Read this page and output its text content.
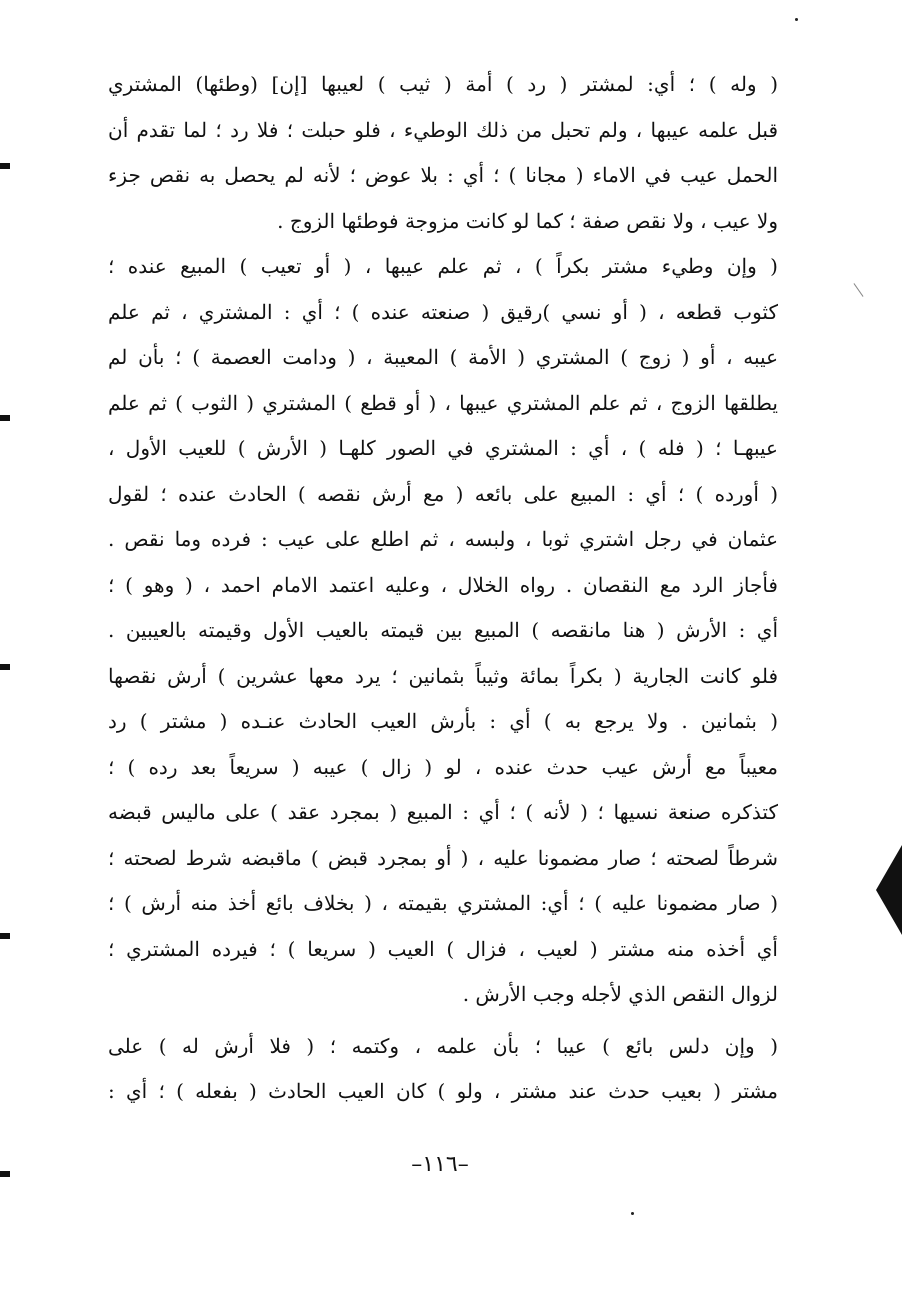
( وله ) ؛ أي: لمشتر ( رد ) أمة ( ثيب ) لعيبها [إن] (وطئها) المشتري
قبل علمه عيبها ، ولم تحبل من ذلك الوطيء ، فلو حبلت ؛ فلا رد ؛ لما تقدم أن
الحمل عيب في الاماء ( مجانا ) ؛ أي : بلا عوض ؛ لأنه لم يحصل به نقص جزء
ولا عيب ، ولا نقص صفة ؛ كما لو كانت مزوجة فوطئها الزوج .
( وإن وطيء مشتر بكراً ) ، ثم علم عيبها ، ( أو تعيب ) المبيع عنده ؛
كثوب قطعه ، ( أو نسي )رقيق ( صنعته عنده ) ؛ أي : المشتري ، ثم علم
عيبه ، أو ( زوج ) المشتري ( الأمة ) المعيبة ، ( ودامت العصمة ) ؛ بأن لم
يطلقها الزوج ، ثم علم المشتري عيبها ، ( أو قطع ) المشتري ( الثوب ) ثم علم
عيبهـا ؛ ( فله ) ، أي : المشتري في الصور كلهـا ( الأرش ) للعيب الأول ،
( أورده ) ؛ أي : المبيع على بائعه ( مع أرش نقصه ) الحادث عنده ؛ لقول
عثمان في رجل اشتري ثوبا ، ولبسه ، ثم اطلع على عيب : فرده وما نقص .
فأجاز الرد مع النقصان . رواه الخلال ، وعليه اعتمد الامام احمد ، ( وهو ) ؛
أي : الأرش ( هنا مانقصه ) المبيع بين قيمته بالعيب الأول وقيمته بالعيبين .
فلو كانت الجارية ( بكراً بمائة وثيباً بثمانين ؛ يرد معها عشرين ) أرش نقصها
( بثمانين . ولا يرجع به ) أي : بأرش العيب الحادث عنـده ( مشتر ) رد
معيباً مع أرش عيب حدث عنده ، لو ( زال ) عيبه ( سريعاً بعد رده ) ؛
كتذكره صنعة نسيها ؛ ( لأنه ) ؛ أي : المبيع ( بمجرد عقد ) على ماليس قبضه
شرطاً لصحته ؛ صار مضمونا عليه ، ( أو بمجرد قبض ) ماقبضه شرط لصحته ؛
( صار مضمونا عليه ) ؛ أي: المشتري بقيمته ، ( بخلاف بائع أخذ منه أرش ) ؛
أي أخذه منه مشتر ( لعيب ، فزال ) العيب ( سريعا ) ؛ فيرده المشتري ؛
لزوال النقص الذي لأجله وجب الأرش .
( وإن دلس بائع ) عيبا ؛ بأن علمه ، وكتمه ؛ ( فلا أرش له ) على
مشتر ( بعيب حدث عند مشتر ، ولو ) كان العيب الحادث ( بفعله ) ؛ أي :
–١١٦–
